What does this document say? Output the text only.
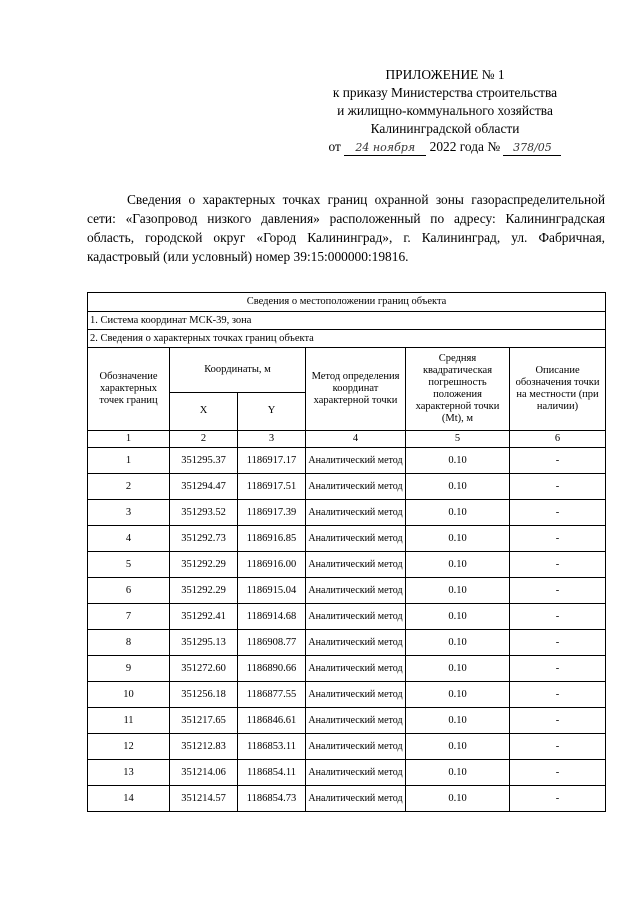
ПРИЛОЖЕНИЕ № 1
к приказу Министерства строительства
и жилищно-коммунального хозяйства
Калининградской области
от 24 ноября 2022 года № 378/05
Сведения о характерных точках границ охранной зоны газораспределительной сети: «Газопровод низкого давления» расположенный по адресу: Калининградская область, городской округ «Город Калининград», г. Калининград, ул. Фабричная, кадастровый (или условный) номер 39:15:000000:19816.
Сведения о местоположении границ объекта					
1. Система координат МСК-39, зона					
2. Сведения о характерных точках границ объекта					
Обозначение характерных точек границ	Координаты, м		Метод определения координат характерной точки	Средняя квадратическая погрешность положения характерной точки (Mt), м	Описание обозначения точки на местности (при наличии)
	X	Y			
1	2	3	4	5	6
1	351295.37	1186917.17	Аналитический метод	0.10	-
2	351294.47	1186917.51	Аналитический метод	0.10	-
3	351293.52	1186917.39	Аналитический метод	0.10	-
4	351292.73	1186916.85	Аналитический метод	0.10	-
5	351292.29	1186916.00	Аналитический метод	0.10	-
6	351292.29	1186915.04	Аналитический метод	0.10	-
7	351292.41	1186914.68	Аналитический метод	0.10	-
8	351295.13	1186908.77	Аналитический метод	0.10	-
9	351272.60	1186890.66	Аналитический метод	0.10	-
10	351256.18	1186877.55	Аналитический метод	0.10	-
11	351217.65	1186846.61	Аналитический метод	0.10	-
12	351212.83	1186853.11	Аналитический метод	0.10	-
13	351214.06	1186854.11	Аналитический метод	0.10	-
14	351214.57	1186854.73	Аналитический метод	0.10	-
